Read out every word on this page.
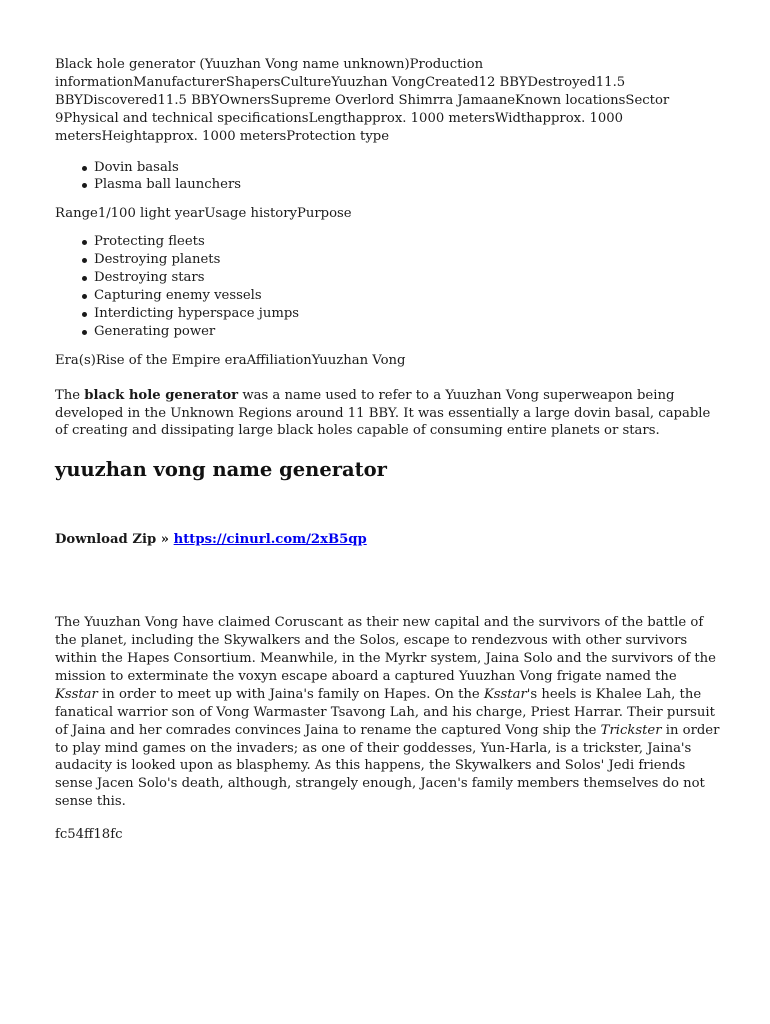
Black hole generator (Yuuzhan Vong name unknown)Production informationManufacturerShapersCultureYuuzhan VongCreated12 BBYDestroyed11.5 BBYDiscovered11.5 BBYOwnersSupreme Overlord Shimrra JamaaneKnown locationsSector 9Physical and technical specificationsLengthapprox. 1000 metersWidthapprox. 1000 metersHeightapprox. 1000 metersProtection type

Dovin basals
Plasma ball launchers

Range1/100 light yearUsage historyPurpose

Protecting fleets
Destroying planets
Destroying stars
Capturing enemy vessels
Interdicting hyperspace jumps
Generating power

Era(s)Rise of the Empire eraAffiliationYuuzhan Vong

The black hole generator was a name used to refer to a Yuuzhan Vong superweapon being developed in the Unknown Regions around 11 BBY. It was essentially a large dovin basal, capable of creating and dissipating large black holes capable of consuming entire planets or stars.

yuuzhan vong name generator

Download Zip » https://cinurl.com/2xB5qp

The Yuuzhan Vong have claimed Coruscant as their new capital and the survivors of the battle of the planet, including the Skywalkers and the Solos, escape to rendezvous with other survivors within the Hapes Consortium. Meanwhile, in the Myrkr system, Jaina Solo and the survivors of the mission to exterminate the voxyn escape aboard a captured Yuuzhan Vong frigate named the Ksstar in order to meet up with Jaina's family on Hapes. On the Ksstar's heels is Khalee Lah, the fanatical warrior son of Vong Warmaster Tsavong Lah, and his charge, Priest Harrar. Their pursuit of Jaina and her comrades convinces Jaina to rename the captured Vong ship the Trickster in order to play mind games on the invaders; as one of their goddesses, Yun-Harla, is a trickster, Jaina's audacity is looked upon as blasphemy. As this happens, the Skywalkers and Solos' Jedi friends sense Jacen Solo's death, although, strangely enough, Jacen's family members themselves do not sense this.

fc54ff18fc
